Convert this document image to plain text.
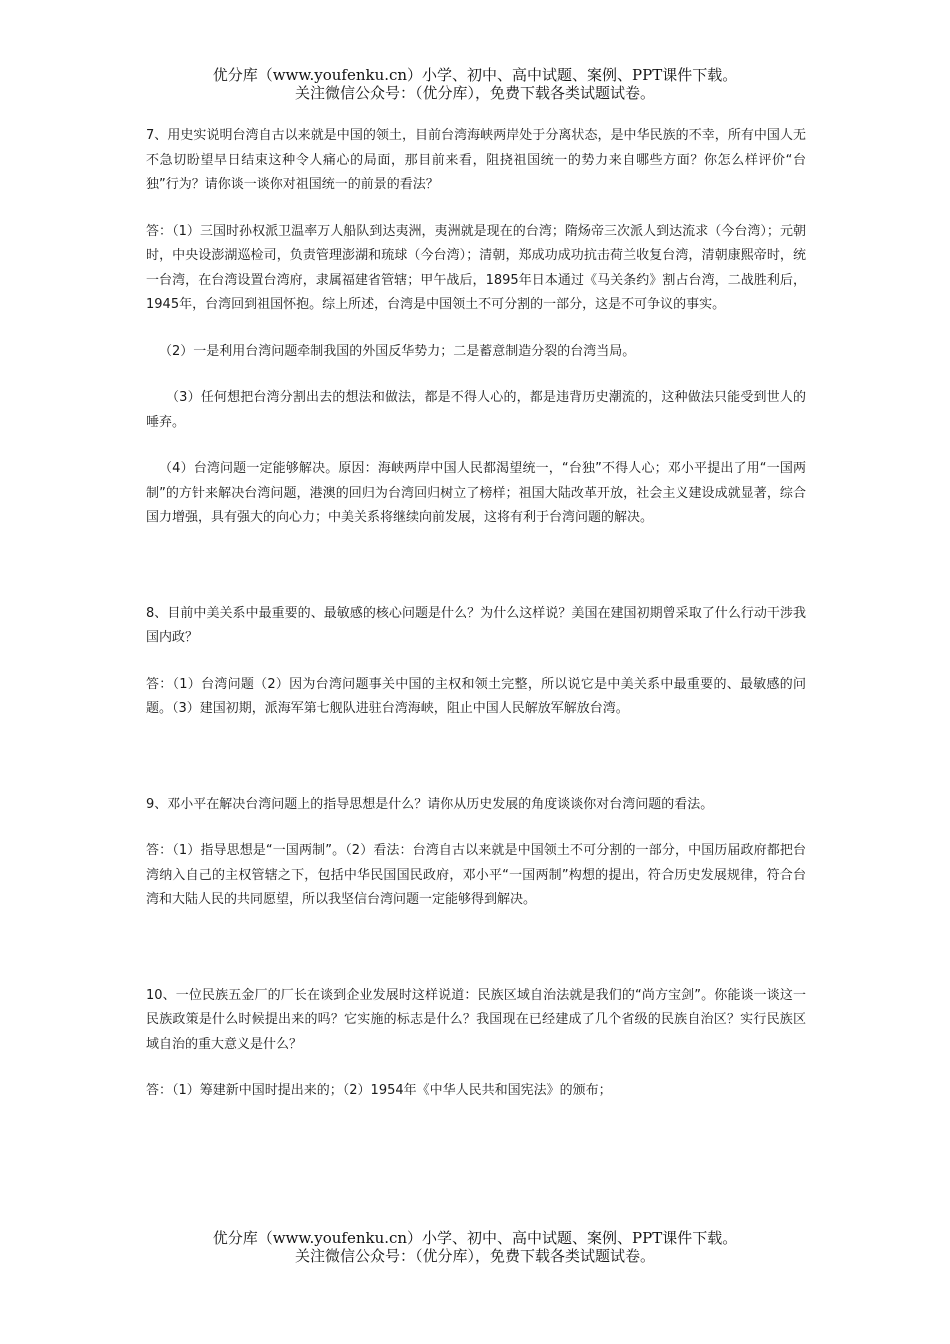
优分库（www.youfenku.cn）小学、初中、高中试题、案例、PPT课件下载。
关注微信公众号：（优分库），免费下载各类试题试卷。

7、用史实说明台湾自古以来就是中国的领土，目前台湾海峡两岸处于分离状态，是中华民族的不幸，所有中国人无不急切盼望早日结束这种令人痛心的局面，那目前来看，阻挠祖国统一的势力来自哪些方面？你怎么样评价“台独”行为？请你谈一谈你对祖国统一的前景的看法？

答：（1）三国时孙权派卫温率万人船队到达夷洲，夷洲就是现在的台湾；隋炀帝三次派人到达流求（今台湾）；元朝时，中央设澎湖巡检司，负责管理澎湖和琉球（今台湾）；清朝，郑成功成功抗击荷兰收复台湾，清朝康熙帝时，统一台湾，在台湾设置台湾府，隶属福建省管辖；甲午战后，1895年日本通过《马关条约》割占台湾，二战胜利后，1945年，台湾回到祖国怀抱。综上所述，台湾是中国领土不可分割的一部分，这是不可争议的事实。

（2）一是利用台湾问题牵制我国的外国反华势力；二是蓄意制造分裂的台湾当局。

（3）任何想把台湾分割出去的想法和做法，都是不得人心的，都是违背历史潮流的，这种做法只能受到世人的唾弃。

（4）台湾问题一定能够解决。原因：海峡两岸中国人民都渴望统一，“台独”不得人心；邓小平提出了用“一国两制”的方针来解决台湾问题，港澳的回归为台湾回归树立了榜样；祖国大陆改革开放，社会主义建设成就显著，综合国力增强，具有强大的向心力；中美关系将继续向前发展，这将有利于台湾问题的解决。

8、目前中美关系中最重要的、最敏感的核心问题是什么？为什么这样说？美国在建国初期曾采取了什么行动干涉我国内政？

答：（1）台湾问题（2）因为台湾问题事关中国的主权和领土完整，所以说它是中美关系中最重要的、最敏感的问题。（3）建国初期，派海军第七舰队进驻台湾海峡，阻止中国人民解放军解放台湾。

9、邓小平在解决台湾问题上的指导思想是什么？请你从历史发展的角度谈谈你对台湾问题的看法。

答：（1）指导思想是“一国两制”。（2）看法：台湾自古以来就是中国领土不可分割的一部分，中国历届政府都把台湾纳入自己的主权管辖之下，包括中华民国国民政府，邓小平“一国两制”构想的提出，符合历史发展规律，符合台湾和大陆人民的共同愿望，所以我坚信台湾问题一定能够得到解决。

10、一位民族五金厂的厂长在谈到企业发展时这样说道：民族区域自治法就是我们的“尚方宝剑”。你能谈一谈这一民族政策是什么时候提出来的吗？它实施的标志是什么？我国现在已经建成了几个省级的民族自治区？实行民族区域自治的重大意义是什么？

答：（1）筹建新中国时提出来的；（2）1954年《中华人民共和国宪法》的颁布；

优分库（www.youfenku.cn）小学、初中、高中试题、案例、PPT课件下载。
关注微信公众号：（优分库），免费下载各类试题试卷。
